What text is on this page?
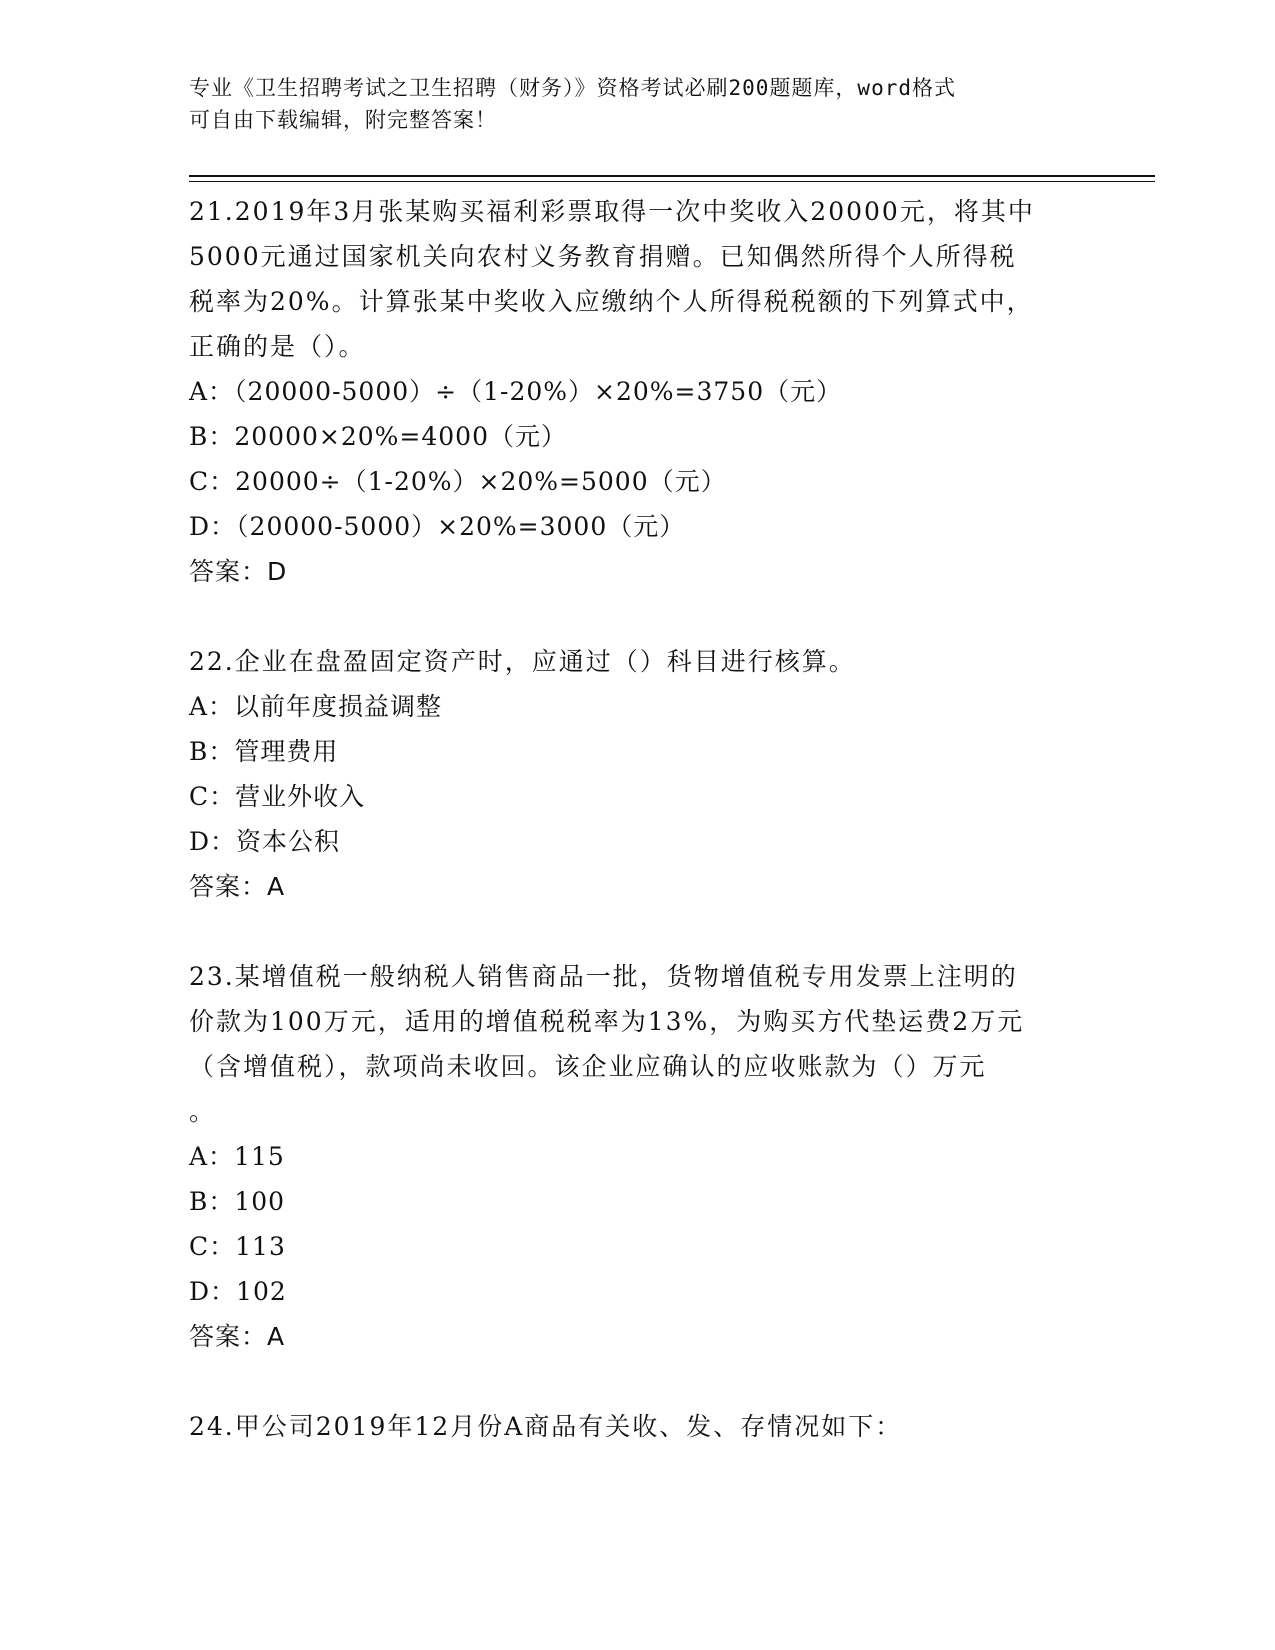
专业《卫生招聘考试之卫生招聘（财务）》资格考试必刷200题题库，word格式
可自由下载编辑，附完整答案！
21.2019年3月张某购买福利彩票取得一次中奖收入20000元，将其中
5000元通过国家机关向农村义务教育捐赠。已知偶然所得个人所得税
税率为20%。计算张某中奖收入应缴纳个人所得税税额的下列算式中，
正确的是（）。
A：（20000-5000）÷（1-20%）×20%=3750（元）
B：20000×20%=4000（元）
C：20000÷（1-20%）×20%=5000（元）
D：（20000-5000）×20%=3000（元）
答案：D
22.企业在盘盈固定资产时，应通过（）科目进行核算。
A：以前年度损益调整
B：管理费用
C：营业外收入
D：资本公积
答案：A
23.某增值税一般纳税人销售商品一批，货物增值税专用发票上注明的
价款为100万元，适用的增值税税率为13%，为购买方代垫运费2万元
（含增值税），款项尚未收回。该企业应确认的应收账款为（）万元
。
A：115
B：100
C：113
D：102
答案：A
24.甲公司2019年12月份A商品有关收、发、存情况如下：
